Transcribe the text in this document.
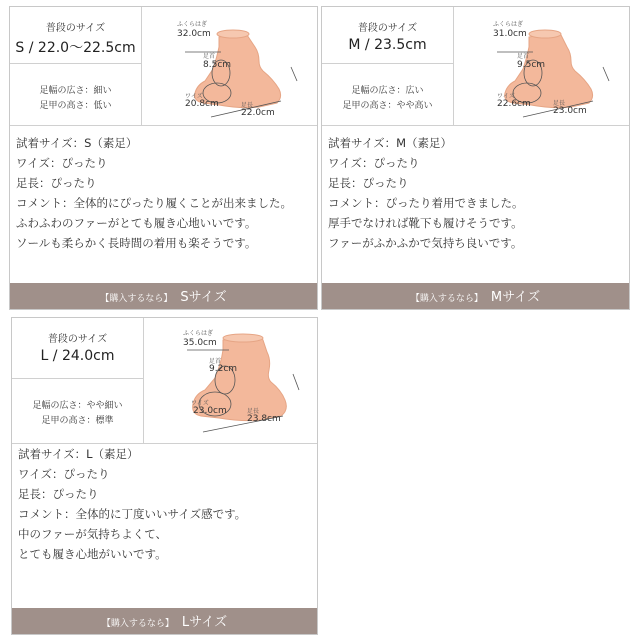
普段のサイズ
S / 22.0〜22.5cm
足幅の広さ：細い
足甲の高さ：低い
ふくらはぎ
32.0cm
足首
8.5cm
ワイズ
20.8cm	足長
22.0cm
試着サイズ：S（素足）
ワイズ：ぴったり
足長：ぴったり
コメント：全体的にぴったり履くことが出来ました。
ふわふわのファーがとても履き心地いいです。
ソールも柔らかく長時間の着用も楽そうです。
【購入するなら】 Sサイズ
普段のサイズ
M / 23.5cm
足幅の広さ：広い
足甲の高さ：やや高い
ふくらはぎ
31.0cm
足首
9.5cm
ワイズ
22.6cm	足長
23.0cm
試着サイズ：M（素足）
ワイズ：ぴったり
足長：ぴったり
コメント：ぴったり着用できました。
厚手でなければ靴下も履けそうです。
ファーがふかふかで気持ち良いです。
【購入するなら】 Mサイズ
普段のサイズ
L / 24.0cm
足幅の広さ：やや細い
足甲の高さ：標準
ふくらはぎ
35.0cm
足首
9.2cm
ワイズ
23.0cm	足長
23.8cm
試着サイズ：L（素足）
ワイズ：ぴったり
足長：ぴったり
コメント：全体的に丁度いいサイズ感です。
中のファーが気持ちよくて、
とても履き心地がいいです。
【購入するなら】 Lサイズ
